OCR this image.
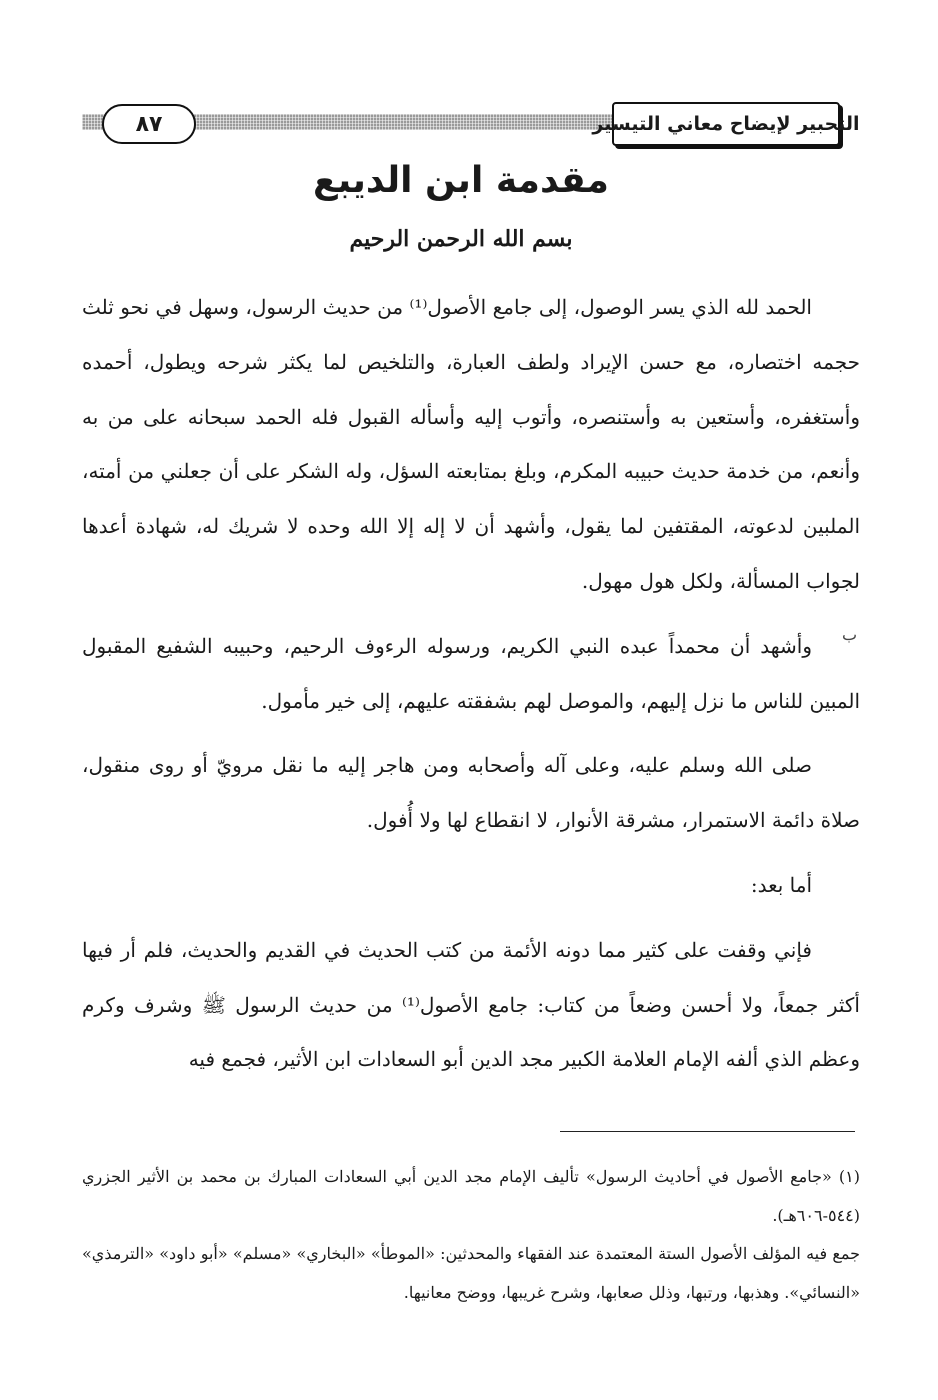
٨٧	التحبير لإيضاح معاني التيسير
مقدمة ابن الديبع
بسم الله الرحمن الرحيم
ب

الحمد لله الذي يسر الوصول، إلى جامع الأصول⁽¹⁾ من حديث الرسول، وسهل في نحو ثلث حجمه اختصاره، مع حسن الإيراد ولطف العبارة، والتلخيص لما يكثر شرحه ويطول، أحمده وأستغفره، وأستعين به وأستنصره، وأتوب إليه وأسأله القبول فله الحمد سبحانه على من به وأنعم، من خدمة حديث حبيبه المكرم، وبلغ بمتابعته السؤل، وله الشكر على أن جعلني من أمته، الملبين لدعوته، المقتفين لما يقول، وأشهد أن لا إله إلا الله وحده لا شريك له، شهادة أعدها لجواب المسألة، ولكل هول مهول.

وأشهد أن محمداً عبده النبي الكريم، ورسوله الرءوف الرحيم، وحبيبه الشفيع المقبول المبين للناس ما نزل إليهم، والموصل لهم بشفقته عليهم، إلى خير مأمول.

صلى الله وسلم عليه، وعلى آله وأصحابه ومن هاجر إليه ما نقل مرويّ أو روى منقول، صلاة دائمة الاستمرار، مشرقة الأنوار، لا انقطاع لها ولا أُفول.

أما بعد:

فإني وقفت على كثير مما دونه الأئمة من كتب الحديث في القديم والحديث، فلم أر فيها أكثر جمعاً، ولا أحسن وضعاً من كتاب: جامع الأصول⁽¹⁾ من حديث الرسول ﷺ وشرف وكرم وعظم الذي ألفه الإمام العلامة الكبير مجد الدين أبو السعادات ابن الأثير، فجمع فيه

(١) «جامع الأصول في أحاديث الرسول» تأليف الإمام مجد الدين أبي السعادات المبارك بن محمد بن الأثير الجزري (٥٤٤-٦٠٦هـ).

جمع فيه المؤلف الأصول الستة المعتمدة عند الفقهاء والمحدثين: «الموطأ» «البخاري» «مسلم» «أبو داود» «الترمذي» «النسائي». وهذبها، ورتبها، وذلل صعابها، وشرح غريبها، ووضح معانيها.
